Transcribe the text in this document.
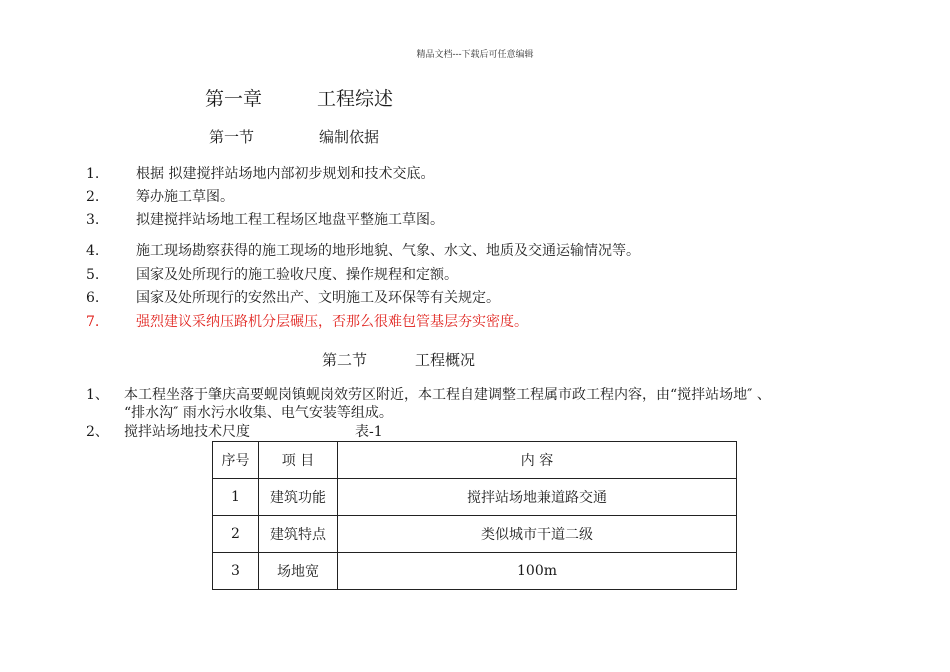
精品文档---下载后可任意编辑
第一章	工程综述
第一节	编制依据
1.	根据 拟建搅拌站场地内部初步规划和技术交底。
2.	筹办施工草图。
3.	拟建搅拌站场地工程工程场区地盘平整施工草图。
4.	施工现场勘察获得的施工现场的地形地貌、气象、水文、地质及交通运输情况等。
5.	国家及处所现行的施工验收尺度、操作规程和定额。
6.	国家及处所现行的安然出产、文明施工及环保等有关规定。
7.	强烈建议采纳压路机分层碾压，否那么很难包管基层夯实密度。
第二节	工程概况
1、 本工程坐落于肇庆高要蚬岗镇蚬岗效劳区附近，本工程自建调整工程属市政工程内容，由“搅拌站场地″ 、
“排水沟″ 雨水污水收集、电气安装等组成。
2、 搅拌站场地技术尺度	表-1
序号	项 目	内 容
1	建筑功能	搅拌站场地兼道路交通
2	建筑特点	类似城市干道二级
3	场地宽	100m
